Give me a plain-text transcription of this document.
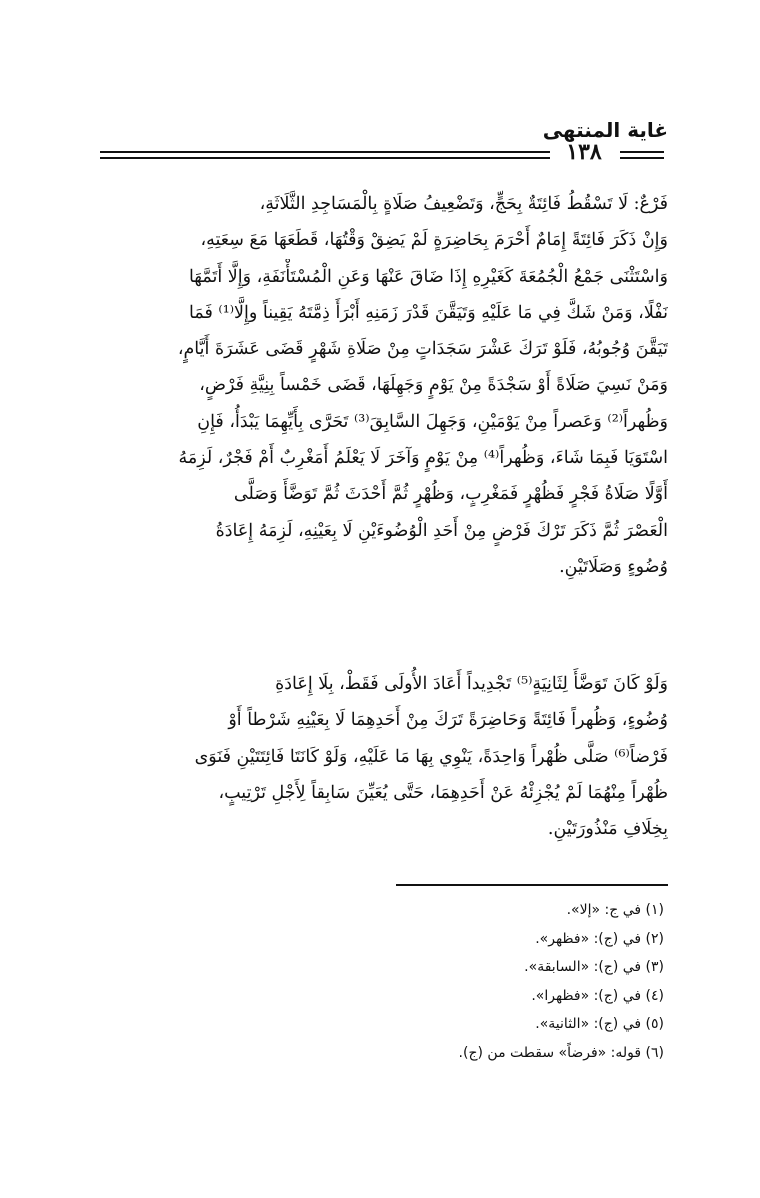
غاية المنتهى
١٣٨
فَرْعٌ: لَا تَسْقُطُ فَائِتَةٌ بِحَجٍّ، وَتَضْعِيفُ صَلَاةٍ بِالْمَسَاجِدِ الثَّلَاثَةِ،
وَإِنْ ذَكَرَ فَائِتَةً إِمَامٌ أَحْرَمَ بِحَاضِرَةٍ لَمْ يَضِقْ وَقْتُهَا، قَطَعَهَا مَعَ سِعَتِهِ،
وَاسْتَثْنَى جَمْعُ الْجُمُعَةَ كَغَيْرِهِ إِذَا ضَاقَ عَنْهَا وَعَنِ الْمُسْتَأْنَفَةِ، وَإِلَّا أَتَمَّهَا
نَفْلًا، وَمَنْ شَكَّ فِي مَا عَلَيْهِ وَتَيَقَّنَ قَدْرَ زَمَنِهِ أَبْرَأَ ذِمَّتَهُ يَقِيناً وإِلَّا⁽¹⁾ فَمَا
تَيَقَّنَ وُجُوبُهُ، فَلَوْ تَرَكَ عَشْرَ سَجَدَاتٍ مِنْ صَلَاةِ شَهْرٍ قَضَى عَشَرَةَ أَيَّامٍ،
وَمَنْ نَسِيَ صَلَاةً أَوْ سَجْدَةً مِنْ يَوْمٍ وَجَهِلَهَا، قَضَى خَمْساً بِنِيَّةِ فَرْضٍ،
وَظُهراً⁽²⁾ وَعَصراً مِنْ يَوْمَيْنِ، وَجَهِلَ السَّابِقَ⁽³⁾ تَحَرَّى بِأَيِّهِمَا يَبْدَأُ، فَإِنِ
اسْتَوَيَا فَبِمَا شَاءَ، وَظُهراً⁽⁴⁾ مِنْ يَوْمٍ وَآخَرَ لَا يَعْلَمُ أَمَغْرِبٌ أَمْ فَجْرٌ، لَزِمَهُ
أَوَّلًا صَلَاةُ فَجْرٍ فَظُهْرٍ فَمَغْرِبٍ، وَظُهْرٍ ثُمَّ أَحْدَثَ ثُمَّ تَوَضَّأَ وَصَلَّى
الْعَصْرَ ثُمَّ ذَكَرَ تَرْكَ فَرْضٍ مِنْ أَحَدِ الْوُضُوءَيْنِ لَا بِعَيْنِهِ، لَزِمَهُ إِعَادَةُ
وُضُوءٍ وَصَلَاتَيْنِ.
وَلَوْ كَانَ تَوَضَّأَ لِثَانِيَةٍ⁽⁵⁾ تَجْدِيداً أَعَادَ الأُولَى فَقَطْ، بِلَا إِعَادَةِ
وُضُوءٍ، وَظُهراً فَائِتَةً وَحَاضِرَةً تَرَكَ مِنْ أَحَدِهِمَا لَا بِعَيْنِهِ شَرْطاً أَوْ
فَرْضاً⁽⁶⁾ صَلَّى ظُهْراً وَاحِدَةً، يَنْوِي بِهَا مَا عَلَيْهِ، وَلَوْ كَانَتَا فَائِتَتَيْنِ فَنَوَى
ظُهْراً مِنْهُمَا لَمْ يُجْزِئْهُ عَنْ أَحَدِهِمَا، حَتَّى يُعَيِّنَ سَابِقاً لِأَجْلِ تَرْتِيبٍ،
بِخِلَافِ مَنْذُورَتَيْنِ.
(١) في ج: «إلا».
(٢) في (ج): «فظهر».
(٣) في (ج): «السابقة».
(٤) في (ج): «فظهرا».
(٥) في (ج): «الثانية».
(٦) قوله: «فرضاً» سقطت من (ج).
